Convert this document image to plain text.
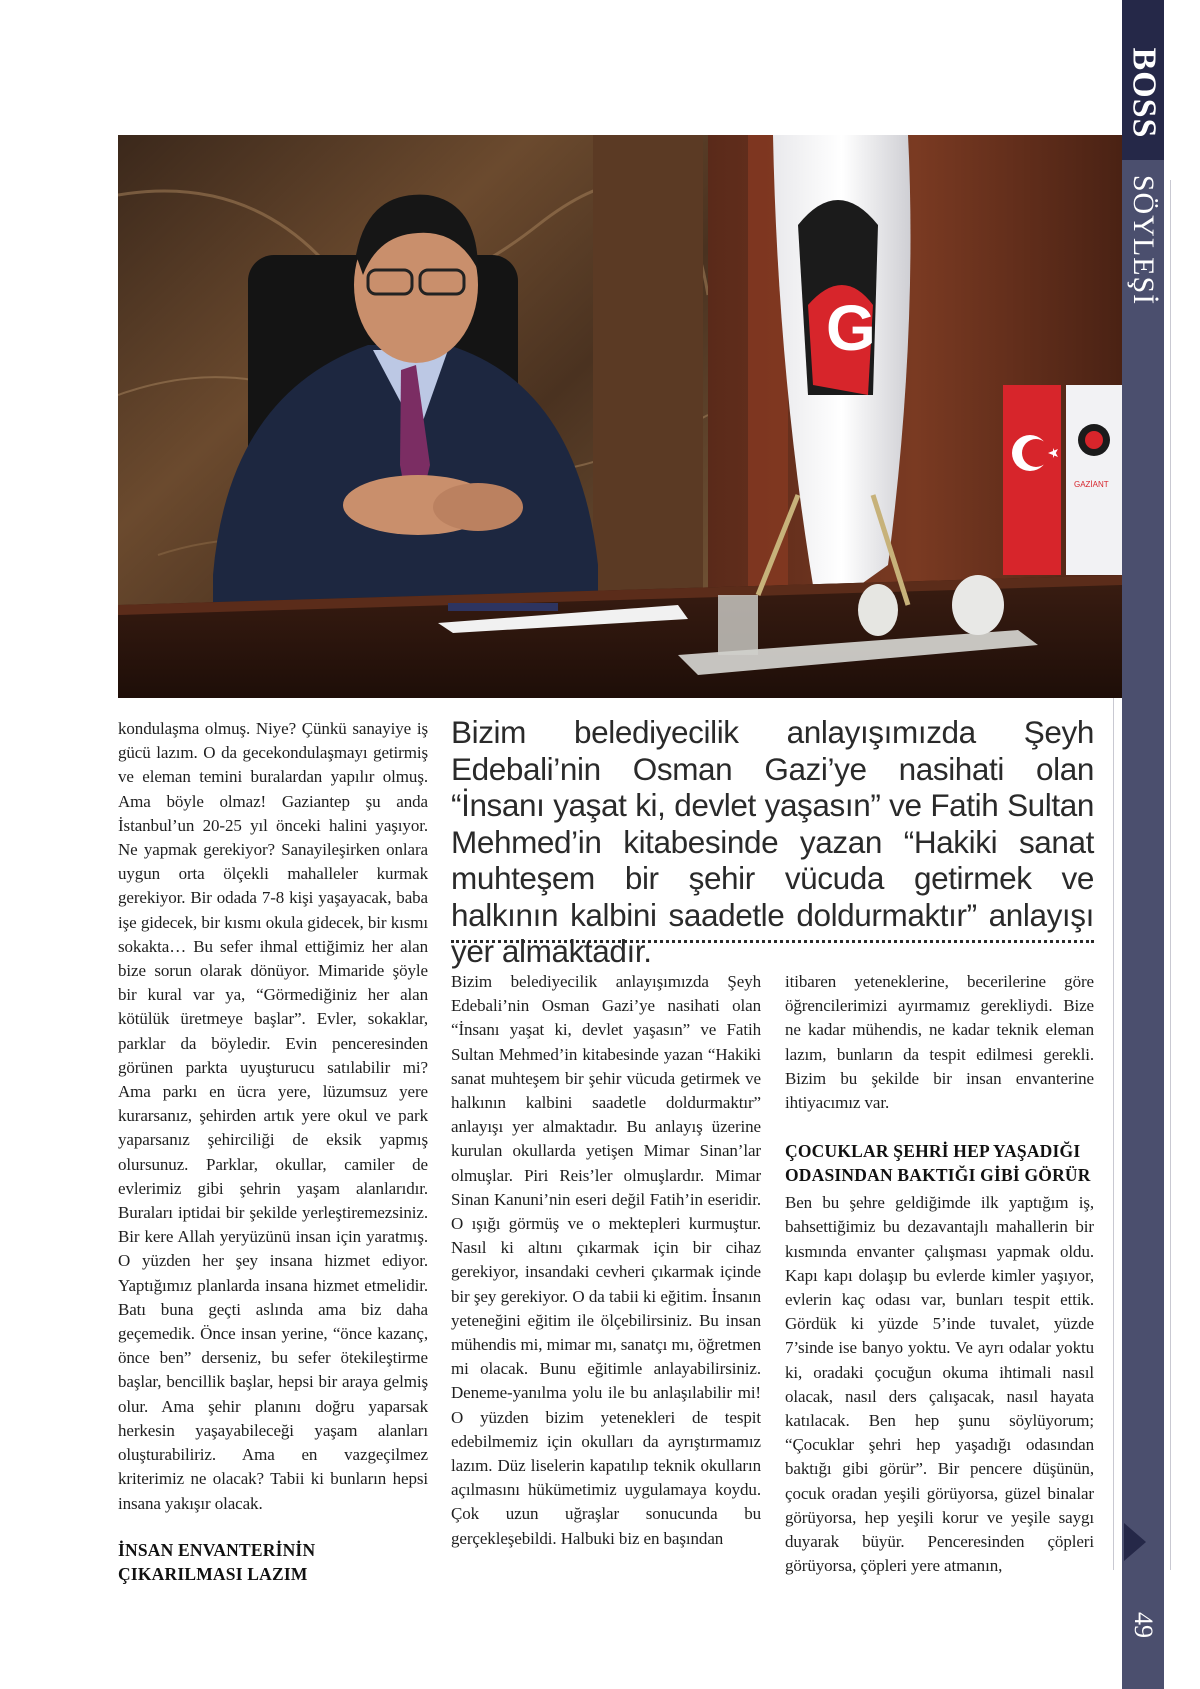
BOSS
SÖYLEŞİ
49
G
GAZİANT

kondulaşma olmuş. Niye? Çünkü sanayiye iş gücü lazım. O da gecekondulaşmayı getirmiş ve eleman temini buralardan yapılır olmuş. Ama böyle olmaz! Gaziantep şu anda İstanbul’un 20-25 yıl önceki halini yaşıyor. Ne yapmak gerekiyor? Sanayileşirken onlara uygun orta ölçekli mahalleler kurmak gerekiyor. Bir odada 7-8 kişi yaşayacak, baba işe gidecek, bir kısmı okula gidecek, bir kısmı sokakta… Bu sefer ihmal ettiğimiz her alan bize sorun olarak dönüyor. Mimaride şöyle bir kural var ya, “Görmediğiniz her alan kötülük üretmeye başlar”. Evler, sokaklar, parklar da böyledir. Evin penceresinden görünen parkta uyuşturucu satılabilir mi? Ama parkı en ücra yere, lüzumsuz yere kurarsanız, şehirden artık yere okul ve park yaparsanız şehirciliği de eksik yapmış olursunuz. Parklar, okullar, camiler de evlerimiz gibi şehrin yaşam alanlarıdır. Buraları iptidai bir şekilde yerleştiremezsiniz. Bir kere Allah yeryüzünü insan için yaratmış. O yüzden her şey insana hizmet ediyor. Yaptığımız planlarda insana hizmet etmelidir. Batı buna geçti aslında ama biz daha geçemedik. Önce insan yerine, “önce kazanç, önce ben” derseniz, bu sefer ötekileştirme başlar, bencillik başlar, hepsi bir araya gelmiş olur. Ama şehir planını doğru yaparsak herkesin yaşayabileceği yaşam alanları oluşturabiliriz. Ama en vazgeçilmez kriterimiz ne olacak? Tabii ki bunların hepsi insana yakışır olacak.

İNSAN ENVANTERİNİN
ÇIKARILMASI LAZIM
Bizim belediyecilik anlayışımızda Şeyh Edebali’nin Osman Gazi’ye nasihati olan “İnsanı yaşat ki, devlet yaşasın” ve Fatih Sultan Mehmed’in kitabesinde yazan “Hakiki sanat muhteşem bir şehir vücuda getirmek ve halkının kalbini saadetle doldurmaktır” anlayışı yer almaktadır.

Bizim belediyecilik anlayışımızda Şeyh Edebali’nin Osman Gazi’ye nasihati olan “İnsanı yaşat ki, devlet yaşasın” ve Fatih Sultan Mehmed’in kitabesinde yazan “Hakiki sanat muhteşem bir şehir vücuda getirmek ve halkının kalbini saadetle doldurmaktır” anlayışı yer almaktadır. Bu anlayış üzerine kurulan okullarda yetişen Mimar Sinan’lar olmuşlar. Piri Reis’ler olmuşlardır. Mimar Sinan Kanuni’nin eseri değil Fatih’in eseridir. O ışığı görmüş ve o mektepleri kurmuştur. Nasıl ki altını çıkarmak için bir cihaz gerekiyor, insandaki cevheri çıkarmak içinde bir şey gerekiyor. O da tabii ki eğitim. İnsanın yeteneğini eğitim ile ölçebilirsiniz. Bu insan mühendis mi, mimar mı, sanatçı mı, öğretmen mi olacak. Bunu eğitimle anlayabilirsiniz. Deneme-yanılma yolu ile bu anlaşılabilir mi! O yüzden bizim yetenekleri de tespit edebilmemiz için okulları da ayrıştırmamız lazım. Düz liselerin kapatılıp teknik okulların açılmasını hükümetimiz uygulamaya koydu. Çok uzun uğraşlar sonucunda bu gerçekleşebildi. Halbuki biz en başından

itibaren yeteneklerine, becerilerine göre öğrencilerimizi ayırmamız gerekliydi. Bize ne kadar mühendis, ne kadar teknik eleman lazım, bunların da tespit edilmesi gerekli. Bizim bu şekilde bir insan envanterine ihtiyacımız var.

ÇOCUKLAR ŞEHRİ HEP YAŞADIĞI
ODASINDAN BAKTIĞI GİBİ GÖRÜR

Ben bu şehre geldiğimde ilk yaptığım iş, bahsettiğimiz bu dezavantajlı mahallerin bir kısmında envanter çalışması yapmak oldu. Kapı kapı dolaşıp bu evlerde kimler yaşıyor, evlerin kaç odası var, bunları tespit ettik. Gördük ki yüzde 5’inde tuvalet, yüzde 7’sinde ise banyo yoktu. Ve ayrı odalar yoktu ki, oradaki çocuğun okuma ihtimali nasıl olacak, nasıl ders çalışacak, nasıl hayata katılacak. Ben hep şunu söylüyorum; “Çocuklar şehri hep yaşadığı odasından baktığı gibi görür”. Bir pencere düşünün, çocuk oradan yeşili görüyorsa, güzel binalar görüyorsa, hep yeşili korur ve yeşile saygı duyarak büyür. Penceresinden çöpleri görüyorsa, çöpleri yere atmanın,
